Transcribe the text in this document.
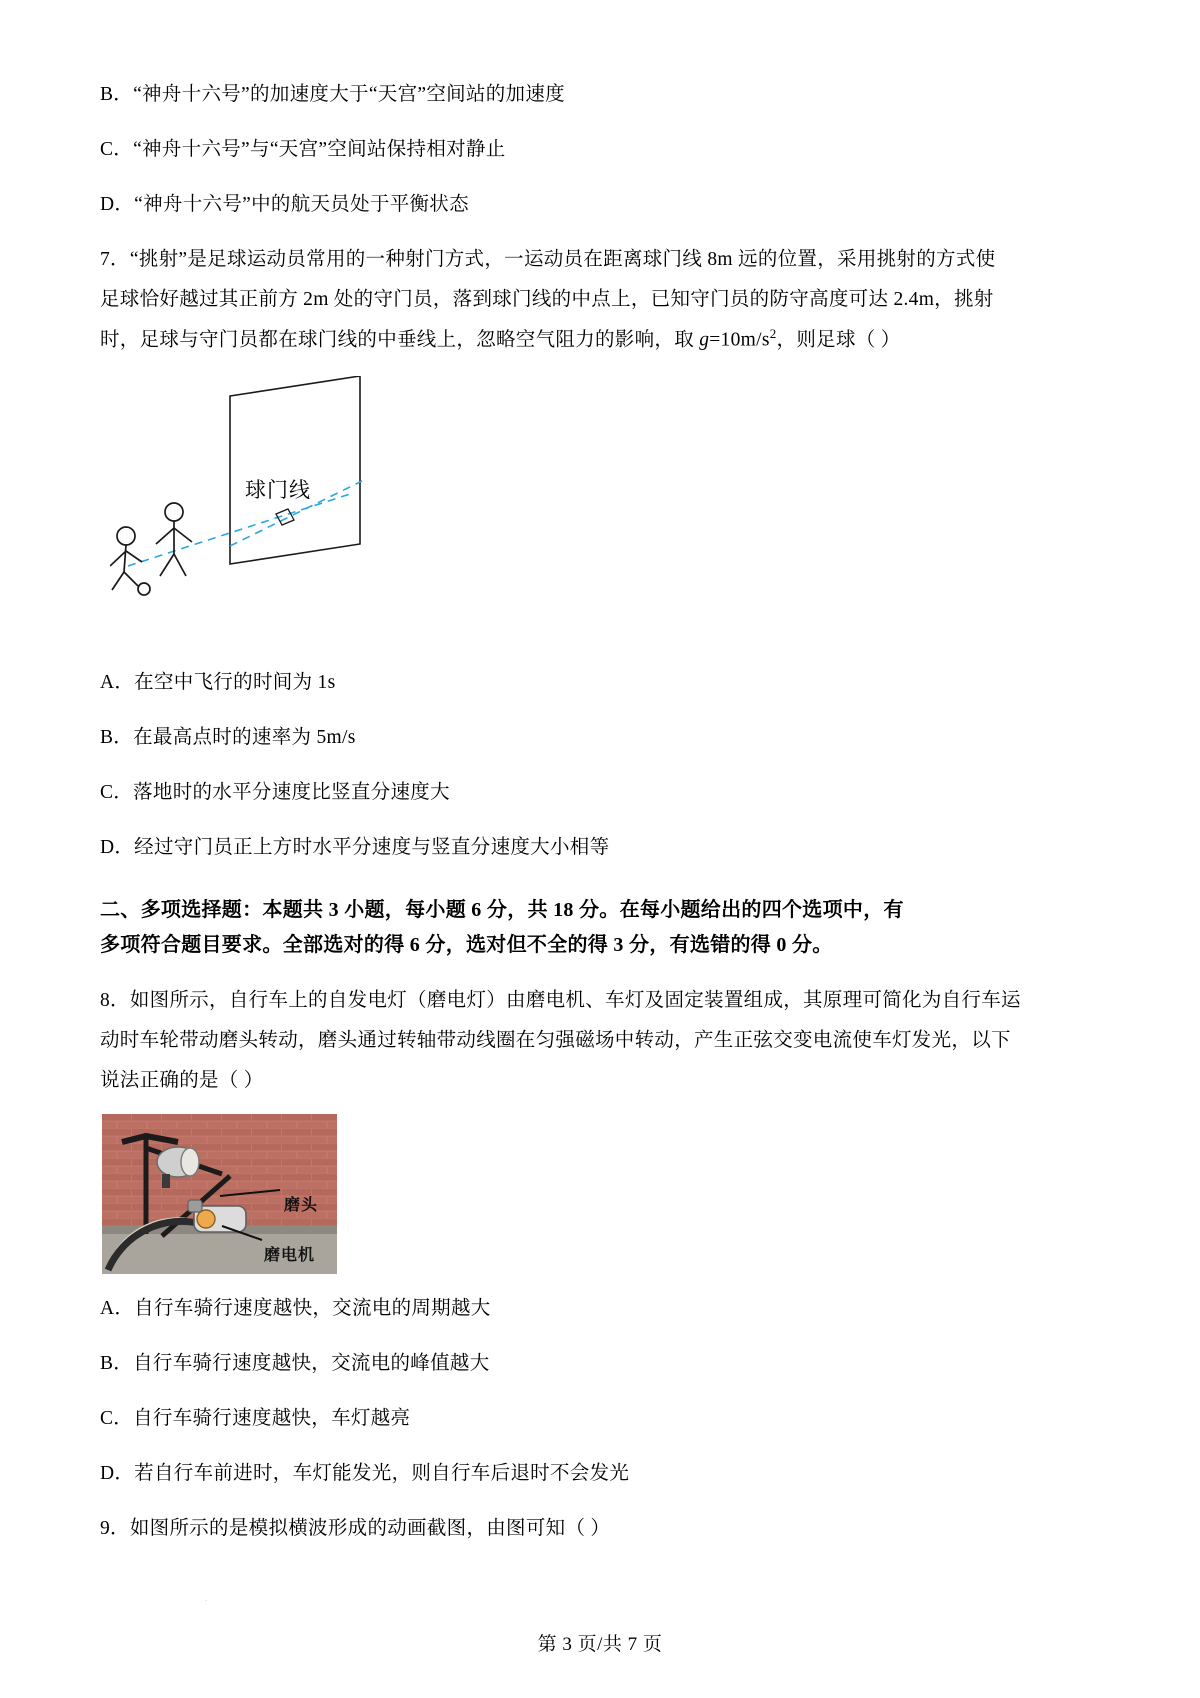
B．“神舟十六号”的加速度大于“天宫”空间站的加速度
C．“神舟十六号”与“天宫”空间站保持相对静止
D．“神舟十六号”中的航天员处于平衡状态
7．“挑射”是足球运动员常用的一种射门方式，一运动员在距离球门线 8m 远的位置，采用挑射的方式使
足球恰好越过其正前方 2m 处的守门员，落到球门线的中点上，已知守门员的防守高度可达 2.4m，挑射
时，足球与守门员都在球门线的中垂线上，忽略空气阻力的影响，取 $g=10m/s^2$，则足球（ ）
球门线
A．在空中飞行的时间为 1s
B．在最高点时的速率为 5m/s
C．落地时的水平分速度比竖直分速度大
D．经过守门员正上方时水平分速度与竖直分速度大小相等
二、多项选择题：本题共 3 小题，每小题 6 分，共 18 分。在每小题给出的四个选项中，有
多项符合题目要求。全部选对的得 6 分，选对但不全的得 3 分，有选错的得 0 分。
8．如图所示，自行车上的自发电灯（磨电灯）由磨电机、车灯及固定装置组成，其原理可简化为自行车运
动时车轮带动磨头转动，磨头通过转轴带动线圈在匀强磁场中转动，产生正弦交变电流使车灯发光，以下
说法正确的是（ ）
磨头
磨电机
A．自行车骑行速度越快，交流电的周期越大
B．自行车骑行速度越快，交流电的峰值越大
C．自行车骑行速度越快，车灯越亮
D．若自行车前进时，车灯能发光，则自行车后退时不会发光
9．如图所示的是模拟横波形成的动画截图，由图可知（ ）
.
第 3 页/共 7 页
